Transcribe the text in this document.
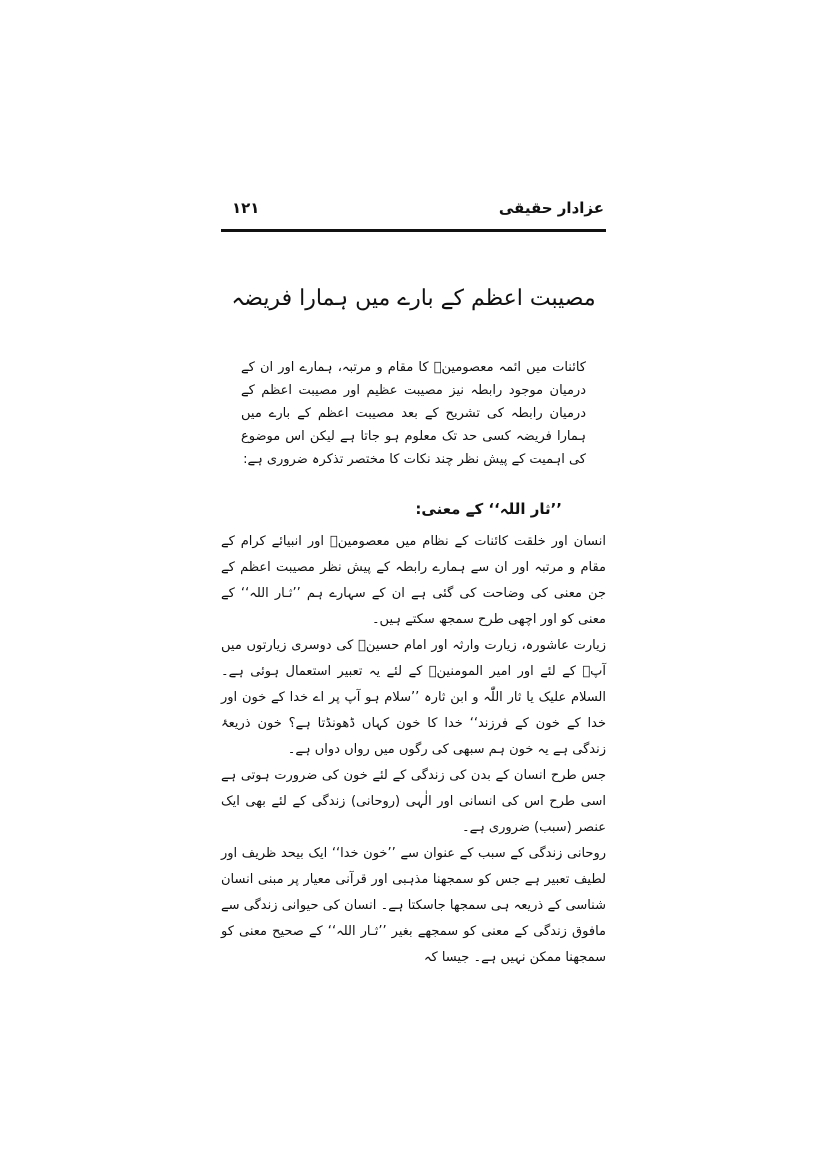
۱۲۱	عزادار حقیقی
مصیبت اعظم کے بارے میں ہمارا فریضہ

کائنات میں ائمہ معصومینؑ کا مقام و مرتبہ، ہمارے اور ان کے درمیان موجود رابطہ نیز مصیبت عظیم اور مصیبت اعظم کے درمیان رابطہ کی تشریح کے بعد مصیبت اعظم کے بارے میں ہمارا فریضہ کسی حد تک معلوم ہو جاتا ہے لیکن اس موضوع کی اہمیت کے پیش نظر چند نکات کا مختصر تذکرہ ضروری ہے:

’’ثار اللہ‘‘ کے معنی:

انسان اور خلقت کائنات کے نظام میں معصومینؑ اور انبیائے کرام کے مقام و مرتبہ اور ان سے ہمارے رابطہ کے پیش نظر مصیبت اعظم کے جن معنی کی وضاحت کی گئی ہے ان کے سہارے ہم ’’ثـار اللہ‘‘ کے معنی کو اور اچھی طرح سمجھ سکتے ہیں۔

زیارت عاشورہ، زیارت وارثہ اور امام حسینؑ کی دوسری زیارتوں میں آپؑ کے لئے اور امیر المومنینؑ کے لئے یہ تعبیر استعمال ہوئی ہے۔ السلام علیک یا ثار اللّٰہ و ابن ثارہ ’’سلام ہو آپ پر اے خدا کے خون اور خدا کے خون کے فرزند‘‘ خدا کا خون کہاں ڈھونڈتا ہے؟ خون ذریعۂ زندگی ہے یہ خون ہم سبھی کی رگوں میں رواں دواں ہے۔

جس طرح انسان کے بدن کی زندگی کے لئے خون کی ضرورت ہوتی ہے اسی طرح اس کی انسانی اور الٰہی (روحانی) زندگی کے لئے بھی ایک عنصر (سبب) ضروری ہے۔

روحانی زندگی کے سبب کے عنوان سے ’’خون خدا‘‘ ایک بیحد ظریف اور لطیف تعبیر ہے جس کو سمجھنا مذہبی اور قرآنی معیار پر مبنی انسان شناسی کے ذریعہ ہی سمجھا جاسکتا ہے۔ انسان کی حیوانی زندگی سے مافوق زندگی کے معنی کو سمجھے بغیر ’’ثـار اللہ‘‘ کے صحیح معنی کو سمجھنا ممکن نہیں ہے۔ جیسا کہ
